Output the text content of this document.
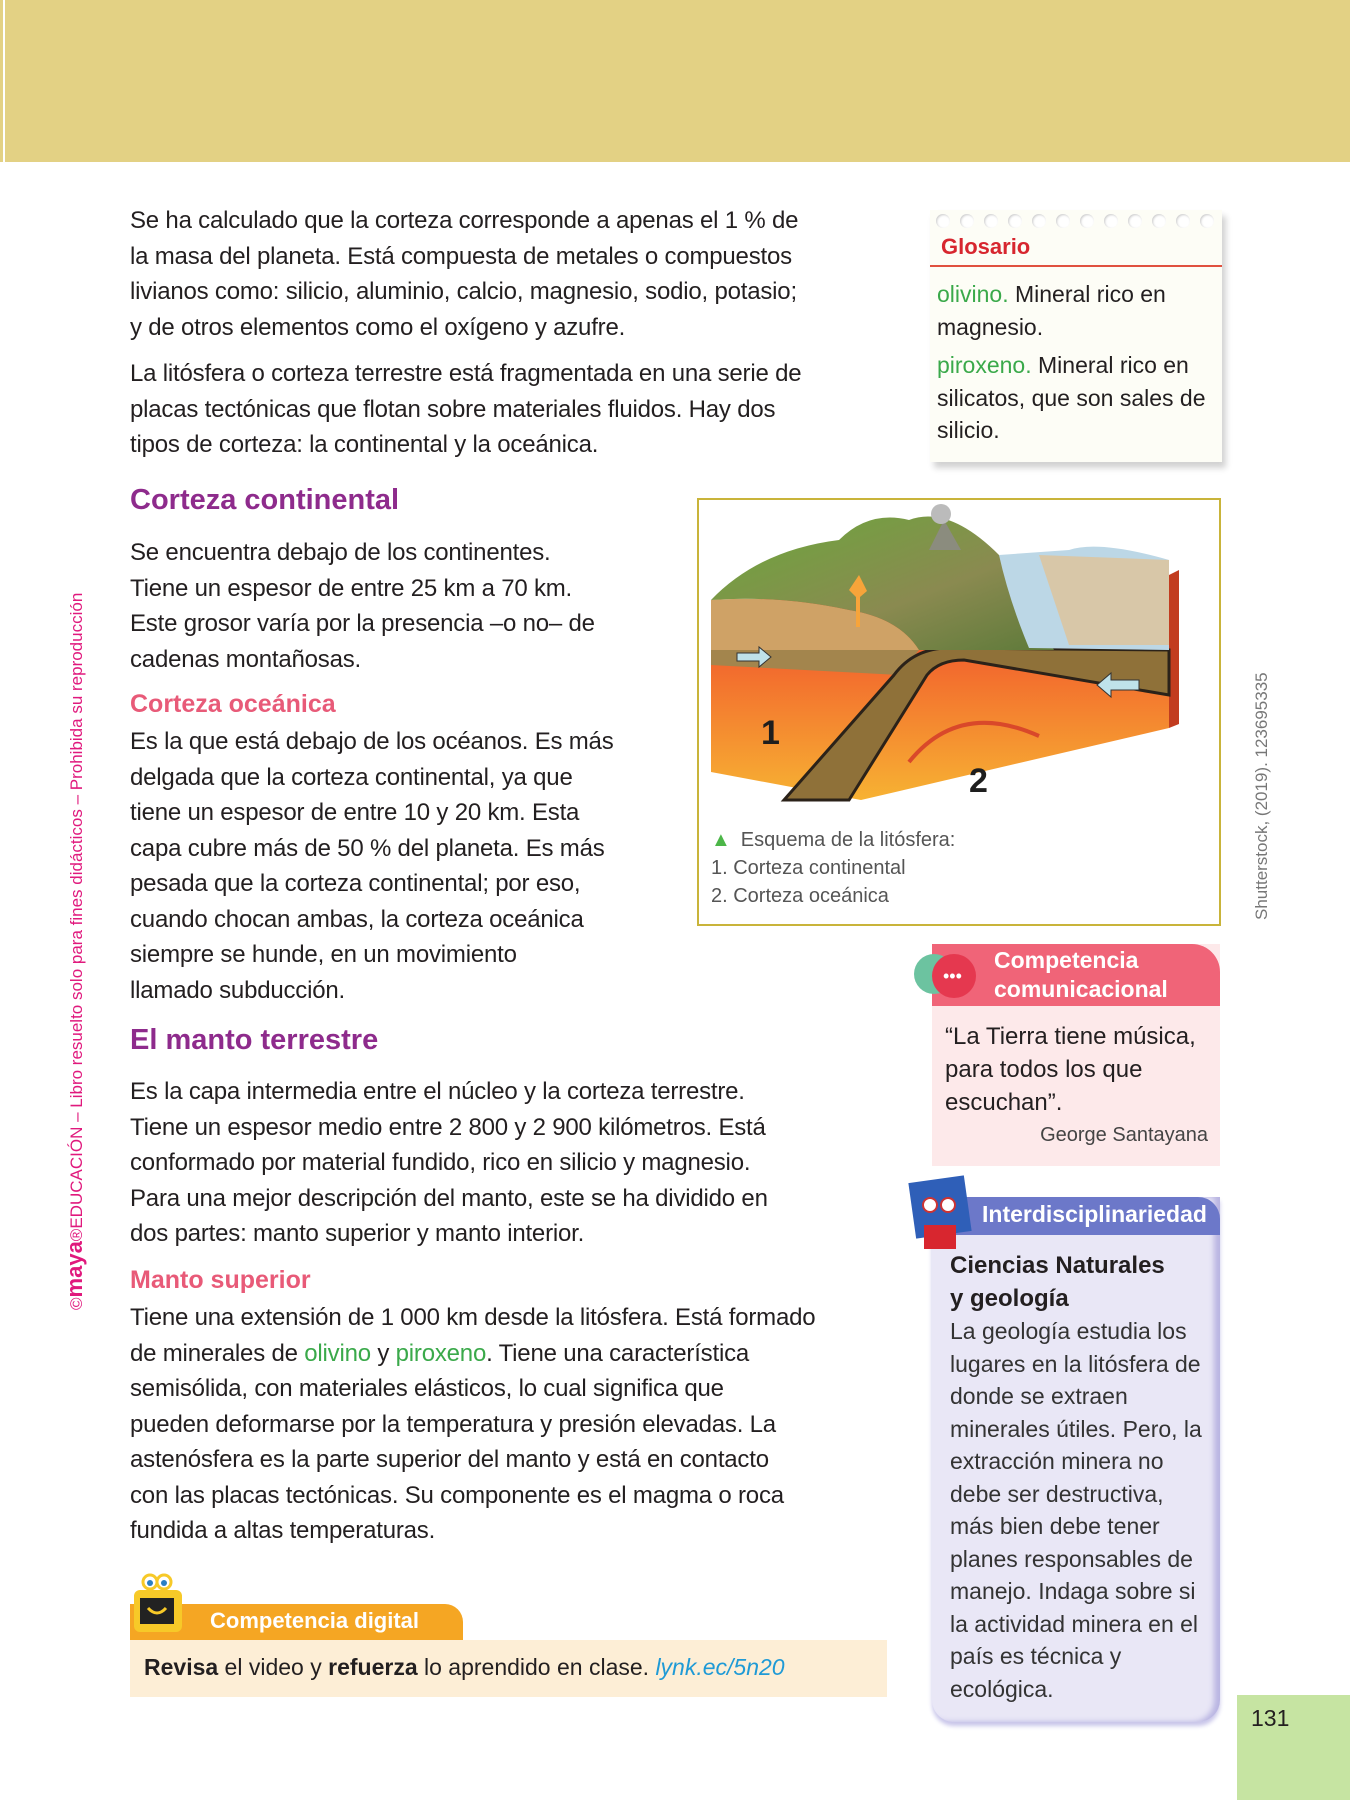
©maya®EDUCACIÓN – Libro resuelto solo para fines didácticos – Prohibida su reproducción
Se ha calculado que la corteza corresponde a apenas el 1 % de
la masa del planeta. Está compuesta de metales o compuestos
livianos como: silicio, aluminio, calcio, magnesio, sodio, potasio;
y de otros elementos como el oxígeno y azufre.
La litósfera o corteza terrestre está fragmentada en una serie de
placas tectónicas que flotan sobre materiales fluidos. Hay dos
tipos de corteza: la continental y la oceánica.
Corteza continental
Se encuentra debajo de los continentes.
Tiene un espesor de entre 25 km a 70 km.
Este grosor varía por la presencia –o no– de
cadenas montañosas.
Corteza oceánica
Es la que está debajo de los océanos. Es más
delgada que la corteza continental, ya que
tiene un espesor de entre 10 y 20 km. Esta
capa cubre más de 50 % del planeta. Es más
pesada que la corteza continental; por eso,
cuando chocan ambas, la corteza oceánica
siempre se hunde, en un movimiento
llamado subducción.
El manto terrestre
Es la capa intermedia entre el núcleo y la corteza terrestre.
Tiene un espesor medio entre 2 800 y 2 900 kilómetros. Está
conformado por material fundido, rico en silicio y magnesio.
Para una mejor descripción del manto, este se ha dividido en
dos partes: manto superior y manto interior.
Manto superior
Tiene una extensión de 1 000 km desde la litósfera. Está formado
de minerales de olivino y piroxeno. Tiene una característica
semisólida, con materiales elásticos, lo cual significa que
pueden deformarse por la temperatura y presión elevadas. La
astenósfera es la parte superior del manto y está en contacto
con las placas tectónicas. Su componente es el magma o roca
fundida a altas temperaturas.
Glosario

olivino. Mineral rico en magnesio.

piroxeno. Mineral rico en silicatos, que son sales de silicio.

1
2
▲ Esquema de la litósfera:
1. Corteza continental
2. Corteza oceánica	Shutterstock, (2019). 123695335
Competencia
comunicacional
•••
“La Tierra tiene música, para todos los que escuchan”.
George Santayana
Interdisciplinariedad
Ciencias Naturales
y geología
La geología estudia los lugares en la litósfera de donde se extraen minerales útiles. Pero, la extracción minera no debe ser destructiva, más bien debe tener planes responsables de manejo. Indaga sobre si la actividad minera en el país es técnica y ecológica.
Competencia digital
Revisa el video y refuerza lo aprendido en clase. lynk.ec/5n20
131
